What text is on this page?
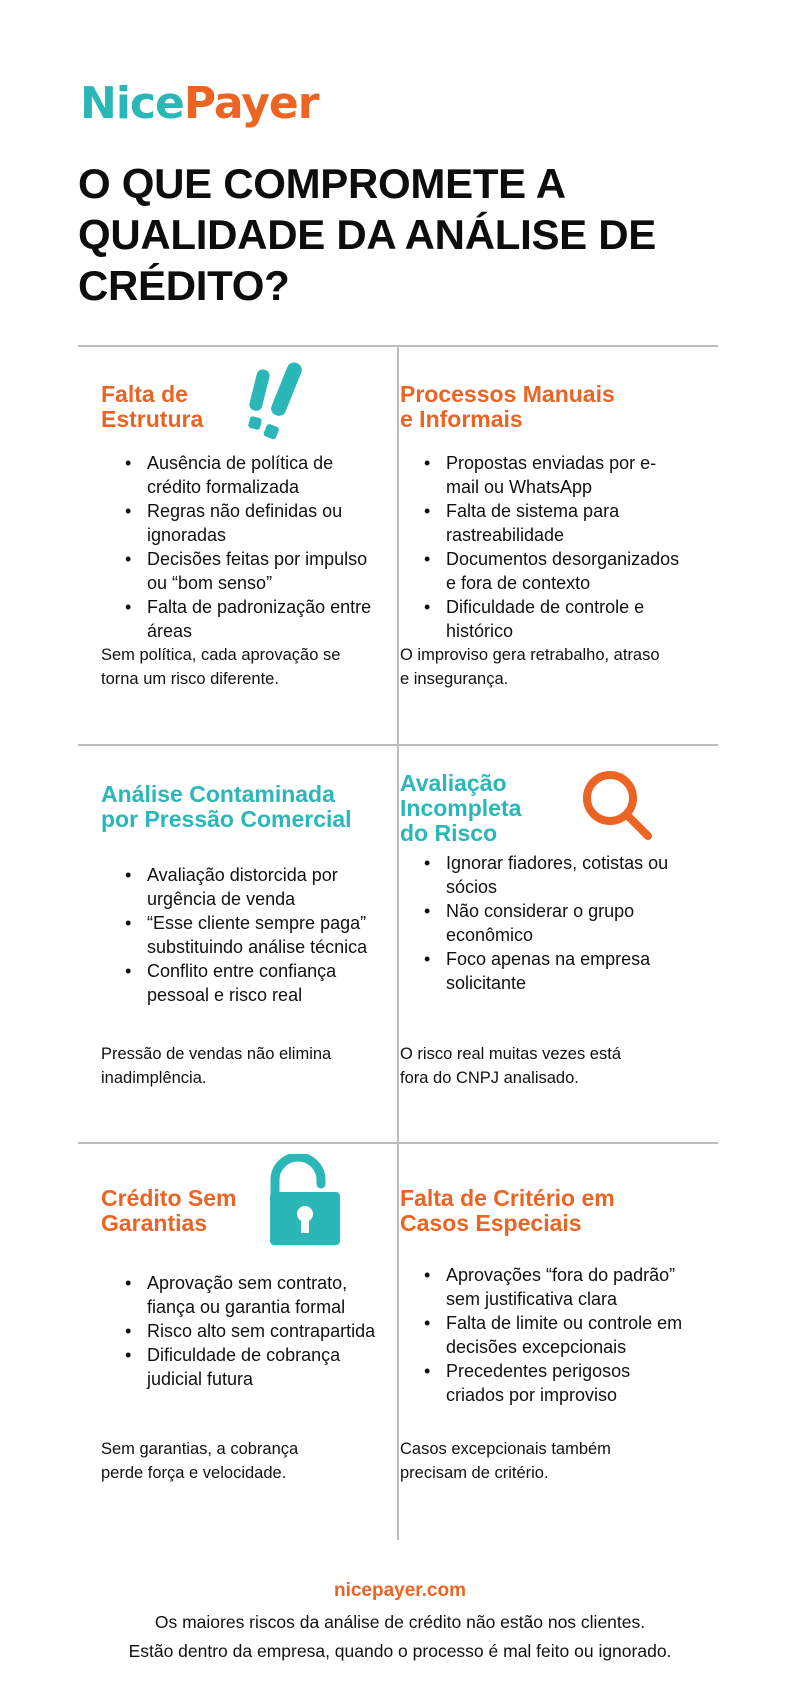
NicePayer
O QUE COMPROMETE A QUALIDADE DA ANÁLISE DE CRÉDITO?
Falta de
Estrutura
• Ausência de política de crédito formalizada
• Regras não definidas ou ignoradas
• Decisões feitas por impulso ou “bom senso”
• Falta de padronização entre áreas

Sem política, cada aprovação se torna um risco diferente.

Processos Manuais
e Informais
• Propostas enviadas por e-mail ou WhatsApp
• Falta de sistema para rastreabilidade
• Documentos desorganizados e fora de contexto
• Dificuldade de controle e histórico

O improviso gera retrabalho, atraso e insegurança.

Análise Contaminada
por Pressão Comercial
• Avaliação distorcida por urgência de venda
• “Esse cliente sempre paga” substituindo análise técnica
• Conflito entre confiança pessoal e risco real

Pressão de vendas não elimina inadimplência.

Avaliação
Incompleta
do Risco
• Ignorar fiadores, cotistas ou sócios
• Não considerar o grupo econômico
• Foco apenas na empresa solicitante

O risco real muitas vezes está fora do CNPJ analisado.

Crédito Sem
Garantias
• Aprovação sem contrato, fiança ou garantia formal
• Risco alto sem contrapartida
• Dificuldade de cobrança judicial futura

Sem garantias, a cobrança perde força e velocidade.

Falta de Critério em
Casos Especiais
• Aprovações “fora do padrão” sem justificativa clara
• Falta de limite ou controle em decisões excepcionais
• Precedentes perigosos criados por improviso

Casos excepcionais também precisam de critério.

nicepayer.com
Os maiores riscos da análise de crédito não estão nos clientes.
Estão dentro da empresa, quando o processo é mal feito ou ignorado.
